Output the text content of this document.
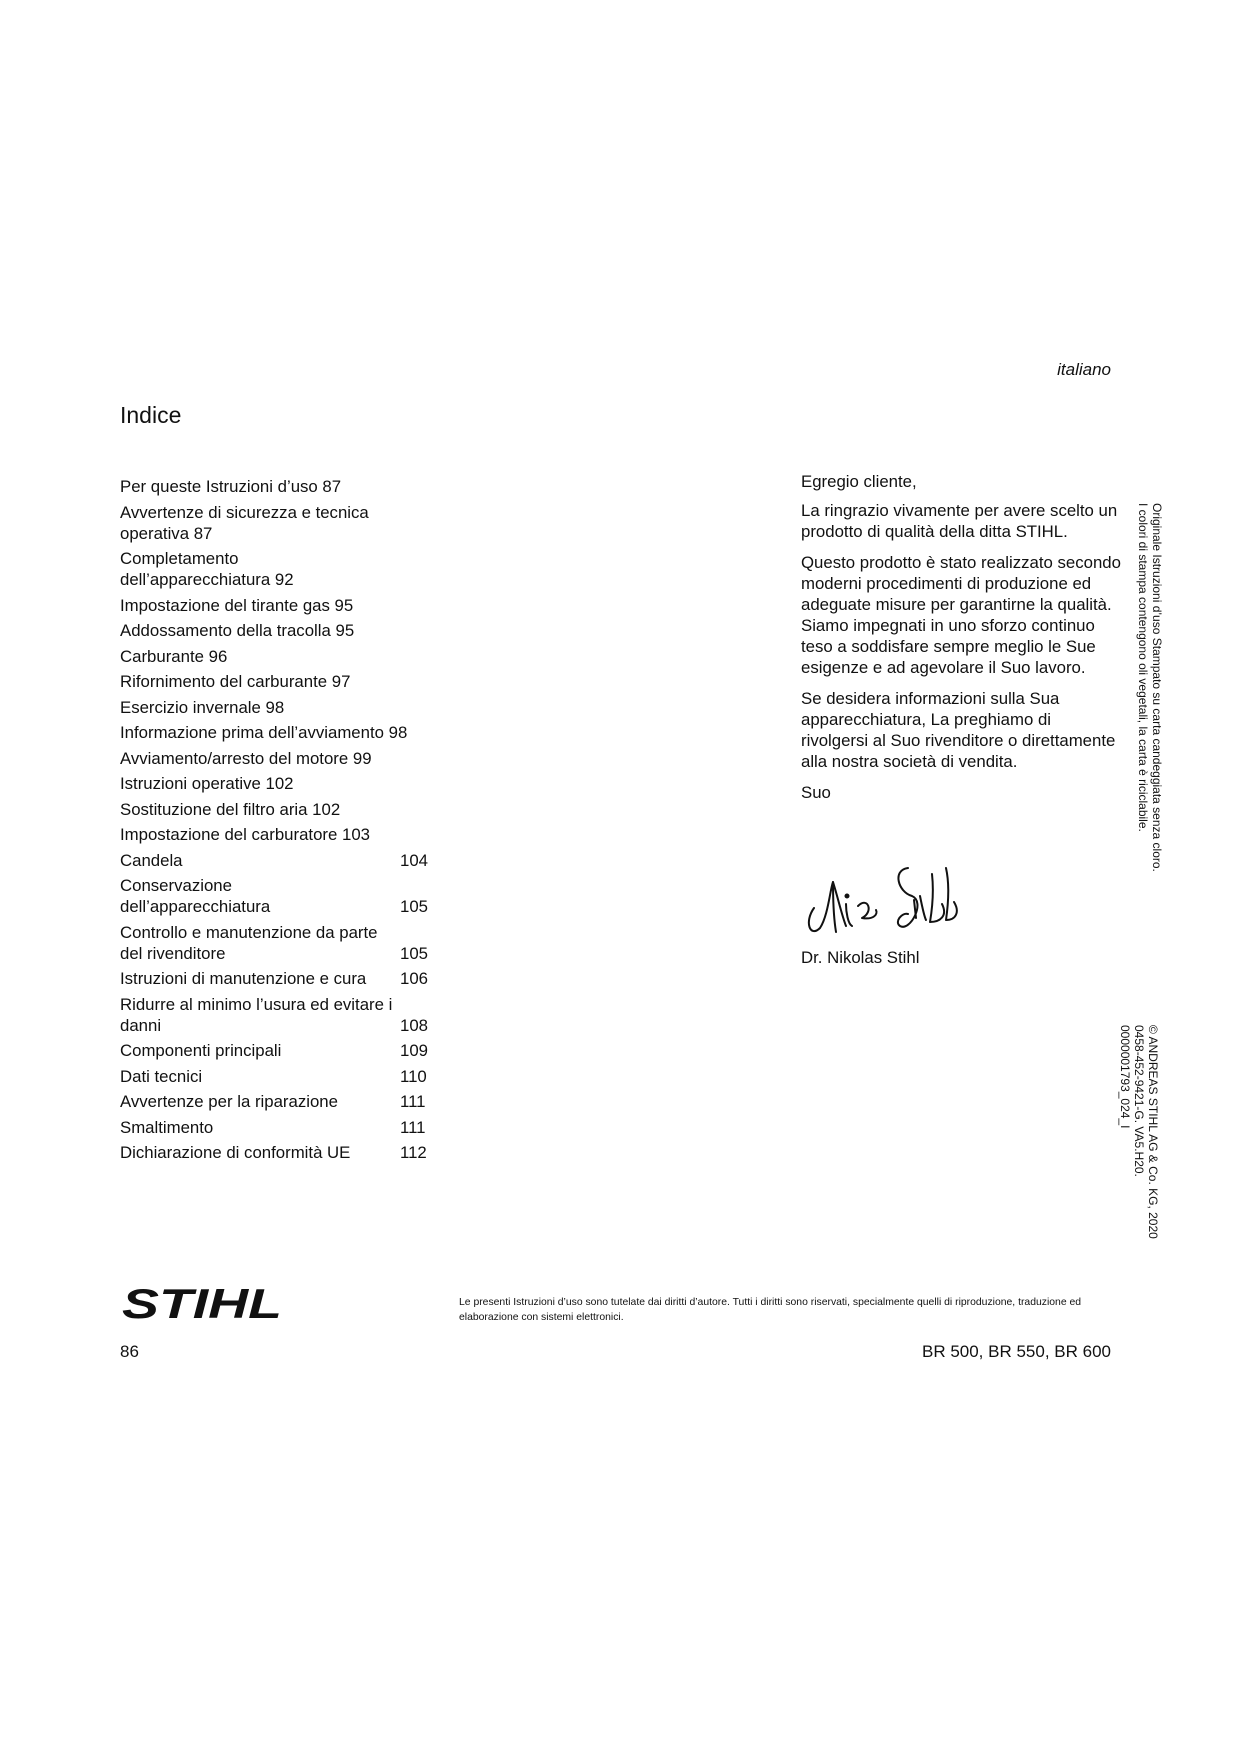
italiano
Indice
Per queste Istruzioni d’uso 87
Avvertenze di sicurezza e tecnica operativa 87
Completamento dell’apparecchiatura 92
Impostazione del tirante gas 95
Addossamento della tracolla 95
Carburante 96
Rifornimento del carburante 97
Esercizio invernale 98
Informazione prima dell’avviamento 98
Avviamento/arresto del motore 99
Istruzioni operative 102
Sostituzione del filtro aria 102
Impostazione del carburatore 103
Candela	104
Conservazione dell’apparecchiatura	105
Controllo e manutenzione da parte del rivenditore	105
Istruzioni di manutenzione e cura	106
Ridurre al minimo l’usura ed evitare i danni	108
Componenti principali	109
Dati tecnici	110
Avvertenze per la riparazione	111
Smaltimento	111
Dichiarazione di conformità UE	112

Egregio cliente,

La ringrazio vivamente per avere scelto un prodotto di qualità della ditta STIHL.

Questo prodotto è stato realizzato secondo moderni procedimenti di produzione ed adeguate misure per garantirne la qualità. Siamo impegnati in uno sforzo continuo teso a soddisfare sempre meglio le Sue esigenze e ad agevolare il Suo lavoro.

Se desidera informazioni sulla Sua apparecchiatura, La preghiamo di rivolgersi al Suo rivenditore o direttamente alla nostra società di vendita.

Suo

Dr. Nikolas Stihl
Originale Istruzioni d’uso Stampato su carta candeggiata senza cloro.
I colori di stampa contengono oli vegetali, la carta è riciclabile.
© ANDREAS STIHL AG & Co. KG, 2020
0458-452-9421-G. VA5.H20.
0000001793_024_I
STIHL	Le presenti Istruzioni d’uso sono tutelate dai diritti d’autore. Tutti i diritti sono riservati, specialmente quelli di riproduzione, traduzione ed elaborazione con sistemi elettronici.
86	BR 500, BR 550, BR 600
